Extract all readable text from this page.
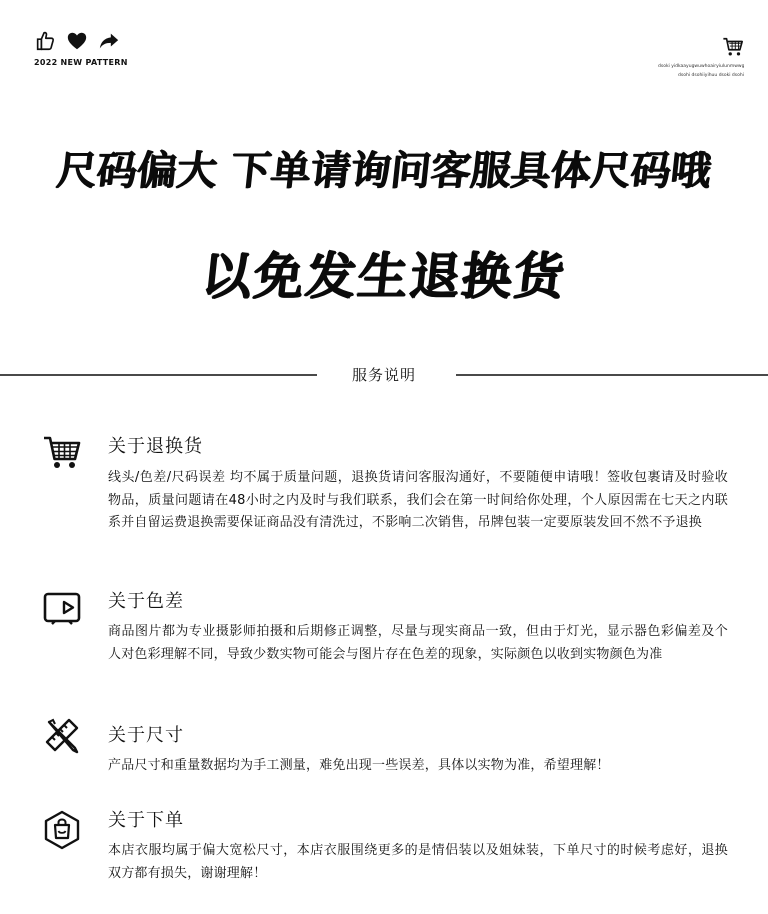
2022 NEW PATTERN	dsoki yidkaayugwuwhoairyiulunmwwg
dsohi dsohiiyihuu dsoki dsohi
尺码偏大 下单请询问客服具体尺码哦
以免发生退换货
服务说明
关于退换货
线头/色差/尺码误差 均不属于质量问题，退换货请问客服沟通好，不要随便申请哦！签收包裹请及时验收物品，质量问题请在48小时之内及时与我们联系，我们会在第一时间给你处理，个人原因需在七天之内联系并自留运费退换需要保证商品没有清洗过，不影响二次销售，吊牌包装一定要原装发回不然不予退换
关于色差
商品图片都为专业摄影师拍摄和后期修正调整，尽量与现实商品一致，但由于灯光，显示器色彩偏差及个人对色彩理解不同，导致少数实物可能会与图片存在色差的现象，实际颜色以收到实物颜色为准
关于尺寸
产品尺寸和重量数据均为手工测量，难免出现一些误差，具体以实物为准，希望理解！
关于下单
本店衣服均属于偏大宽松尺寸，本店衣服围绕更多的是情侣装以及姐妹装，下单尺寸的时候考虑好，退换双方都有损失，谢谢理解！
